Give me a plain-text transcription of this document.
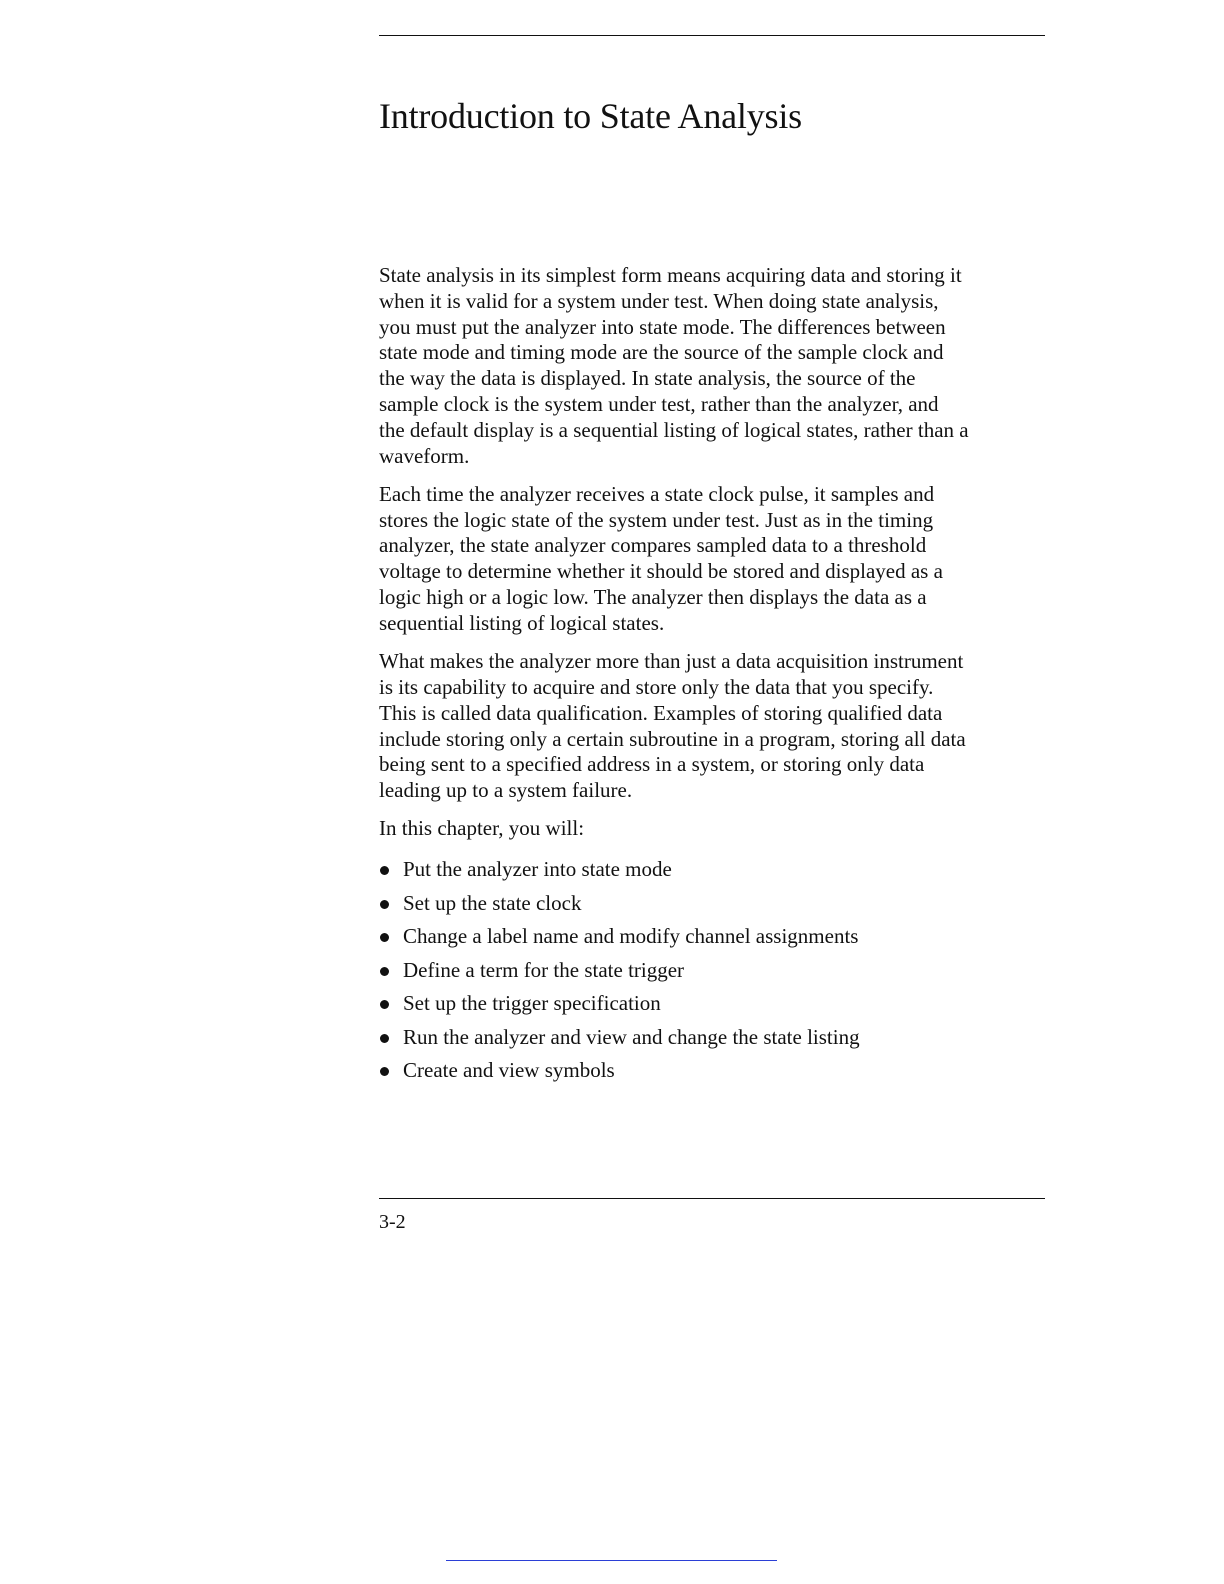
Introduction to State Analysis

State analysis in its simplest form means acquiring data and storing it
when it is valid for a system under test. When doing state analysis,
you must put the analyzer into state mode. The differences between
state mode and timing mode are the source of the sample clock and
the way the data is displayed. In state analysis, the source of the
sample clock is the system under test, rather than the analyzer, and
the default display is a sequential listing of logical states, rather than a
waveform.

Each time the analyzer receives a state clock pulse, it samples and
stores the logic state of the system under test. Just as in the timing
analyzer, the state analyzer compares sampled data to a threshold
voltage to determine whether it should be stored and displayed as a
logic high or a logic low. The analyzer then displays the data as a
sequential listing of logical states.

What makes the analyzer more than just a data acquisition instrument
is its capability to acquire and store only the data that you specify.
This is called data qualification. Examples of storing qualified data
include storing only a certain subroutine in a program, storing all data
being sent to a specified address in a system, or storing only data
leading up to a system failure.

In this chapter, you will:

Put the analyzer into state mode
Set up the state clock
Change a label name and modify channel assignments
Define a term for the state trigger
Set up the trigger specification
Run the analyzer and view and change the state listing
Create and view symbols
3-2
